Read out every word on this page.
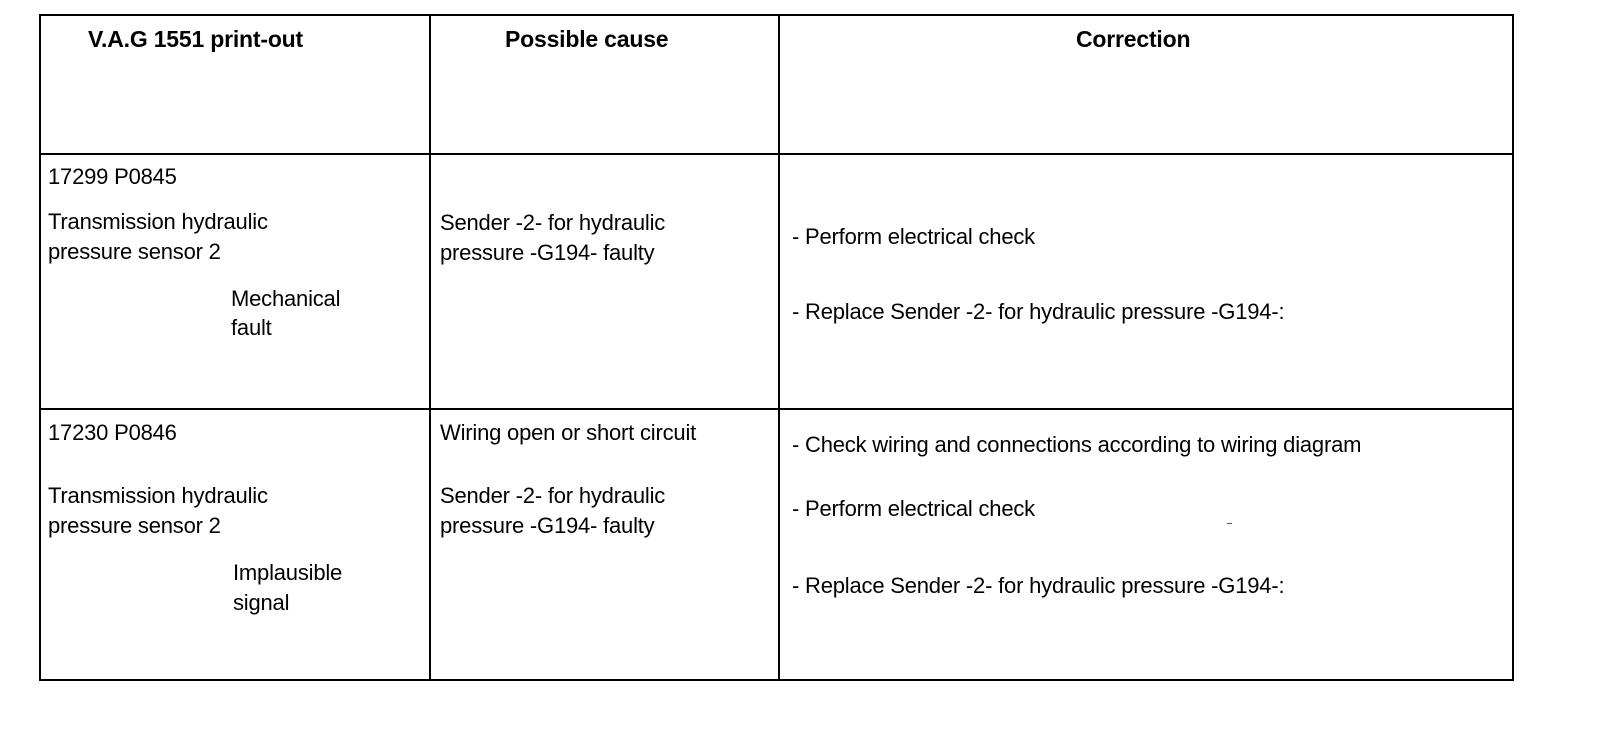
V.A.G 1551 print-out	Possible cause	Correction
17299 P0845
Transmission hydraulic
pressure sensor 2
Mechanical
fault
Sender -2- for hydraulic
pressure -G194- faulty
- Perform electrical check
- Replace Sender -2- for hydraulic pressure -G194-:
17230 P0846
Transmission hydraulic
pressure sensor 2
Implausible
signal
Wiring open or short circuit
Sender -2- for hydraulic
pressure -G194- faulty
- Check wiring and connections according to wiring diagram
- Perform electrical check
- Replace Sender -2- for hydraulic pressure -G194-:
